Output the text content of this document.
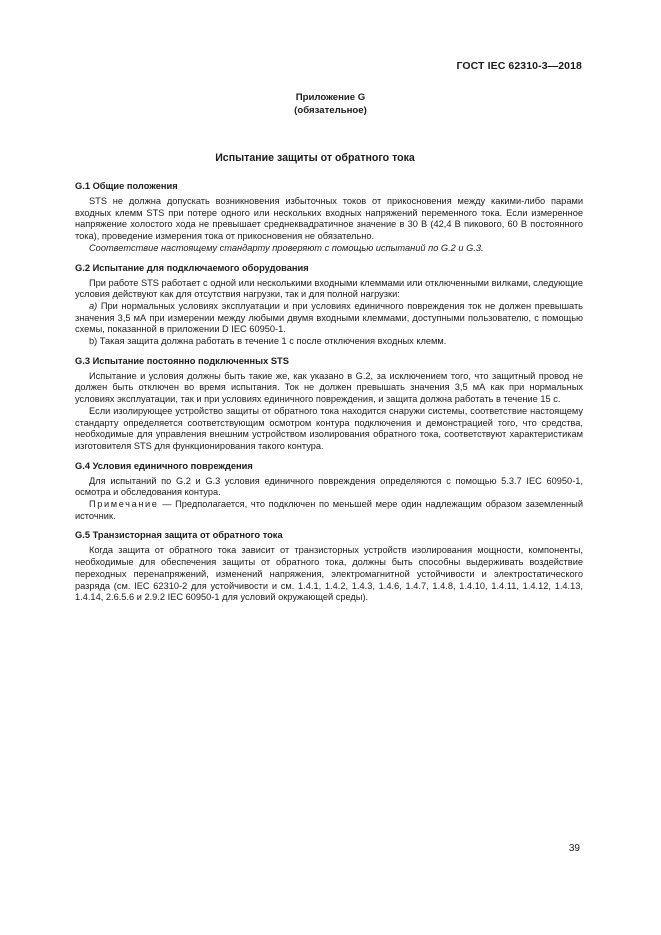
ГОСТ IEC 62310-3—2018
Приложение G
(обязательное)
Испытание защиты от обратного тока
G.1 Общие положения

STS не должна допускать возникновения избыточных токов от прикосновения между какими-либо парами входных клемм STS при потере одного или нескольких входных напряжений переменного тока. Если измеренное напряжение холостого хода не превышает среднеквадратичное значение в 30 В (42,4 В пикового, 60 В постоянного тока), проведение измерения тока от прикосновения не обязательно.

Соответствие настоящему стандарту проверяют с помощью испытаний по G.2 и G.3.

G.2 Испытание для подключаемого оборудования

При работе STS работает с одной или несколькими входными клеммами или отключенными вилками, следующие условия действуют как для отсутствия нагрузки, так и для полной нагрузки:

a) При нормальных условиях эксплуатации и при условиях единичного повреждения ток не должен превышать значения 3,5 мА при измерении между любыми двумя входными клеммами, доступными пользователю, с помощью схемы, показанной в приложении D IEC 60950-1.

b) Такая защита должна работать в течение 1 с после отключения входных клемм.

G.3 Испытание постоянно подключенных STS

Испытание и условия должны быть такие же, как указано в G.2, за исключением того, что защитный провод не должен быть отключен во время испытания. Ток не должен превышать значения 3,5 мА как при нормальных условиях эксплуатации, так и при условиях единичного повреждения, и защита должна работать в течение 15 с.

Если изолирующее устройство защиты от обратного тока находится снаружи системы, соответствие настоящему стандарту определяется соответствующим осмотром контура подключения и демонстрацией того, что средства, необходимые для управления внешним устройством изолирования обратного тока, соответствуют характеристикам изготовителя STS для функционирования такого контура.

G.4 Условия единичного повреждения

Для испытаний по G.2 и G.3 условия единичного повреждения определяются с помощью 5.3.7 IEC 60950-1, осмотра и обследования контура.

Примечание — Предполагается, что подключен по меньшей мере один надлежащим образом заземленный источник.

G.5 Транзисторная защита от обратного тока

Когда защита от обратного тока зависит от транзисторных устройств изолирования мощности, компоненты, необходимые для обеспечения защиты от обратного тока, должны быть способны выдерживать воздействие переходных перенапряжений, изменений напряжения, электромагнитной устойчивости и электростатического разряда (см. IEC 62310-2 для устойчивости и см. 1.4.1, 1.4.2, 1.4.3, 1.4.6, 1.4.7, 1.4.8, 1.4.10, 1.4.11, 1.4.12, 1.4.13, 1.4.14, 2.6.5.6 и 2.9.2 IEC 60950-1 для условий окружающей среды).

39
